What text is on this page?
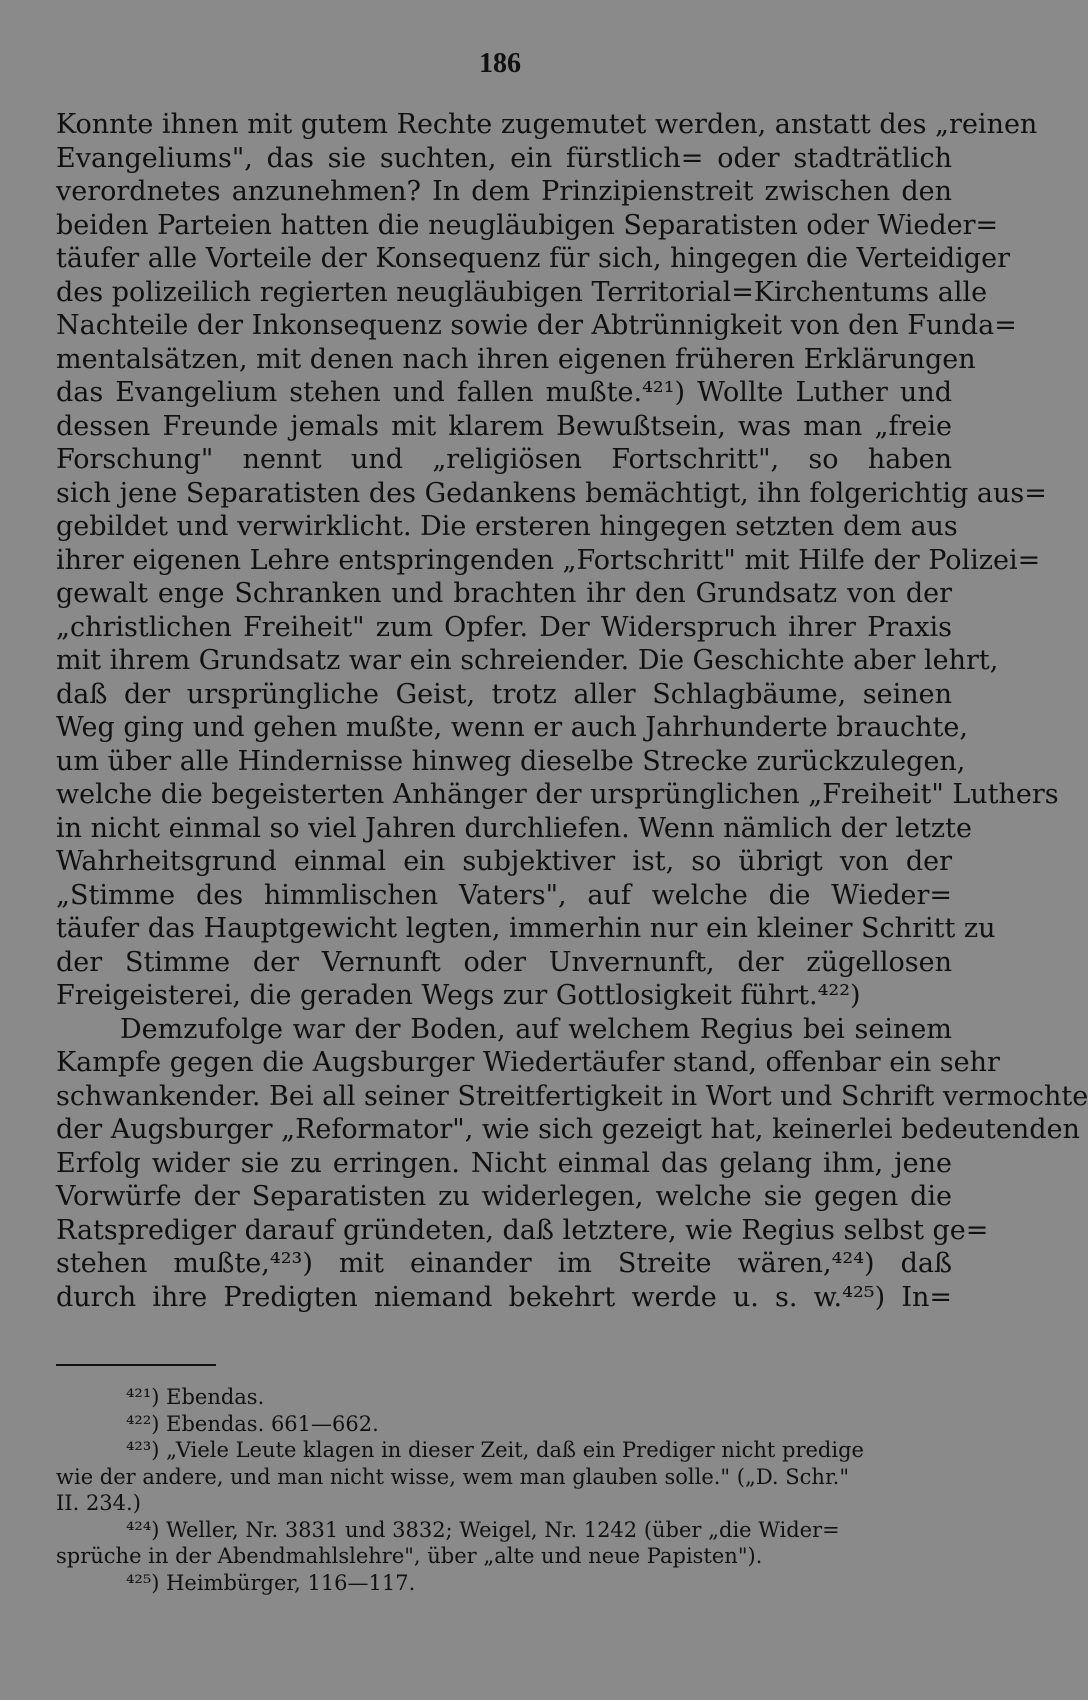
186
Konnte ihnen mit gutem Rechte zugemutet werden, anstatt des „reinen
Evangeliums", das sie suchten, ein fürstlich= oder stadträtlich
verordnetes anzunehmen? In dem Prinzipienstreit zwischen den
beiden Parteien hatten die neugläubigen Separatisten oder Wieder=
täufer alle Vorteile der Konsequenz für sich, hingegen die Verteidiger
des polizeilich regierten neugläubigen Territorial=Kirchentums alle
Nachteile der Inkonsequenz sowie der Abtrünnigkeit von den Funda=
mentalsätzen, mit denen nach ihren eigenen früheren Erklärungen
das Evangelium stehen und fallen mußte.⁴²¹) Wollte Luther und
dessen Freunde jemals mit klarem Bewußtsein, was man „freie
Forschung" nennt und „religiösen Fortschritt", so haben
sich jene Separatisten des Gedankens bemächtigt, ihn folgerichtig aus=
gebildet und verwirklicht. Die ersteren hingegen setzten dem aus
ihrer eigenen Lehre entspringenden „Fortschritt" mit Hilfe der Polizei=
gewalt enge Schranken und brachten ihr den Grundsatz von der
„christlichen Freiheit" zum Opfer. Der Widerspruch ihrer Praxis
mit ihrem Grundsatz war ein schreiender. Die Geschichte aber lehrt,
daß der ursprüngliche Geist, trotz aller Schlagbäume, seinen
Weg ging und gehen mußte, wenn er auch Jahrhunderte brauchte,
um über alle Hindernisse hinweg dieselbe Strecke zurückzulegen,
welche die begeisterten Anhänger der ursprünglichen „Freiheit" Luthers
in nicht einmal so viel Jahren durchliefen. Wenn nämlich der letzte
Wahrheitsgrund einmal ein subjektiver ist, so übrigt von der
„Stimme des himmlischen Vaters", auf welche die Wieder=
täufer das Hauptgewicht legten, immerhin nur ein kleiner Schritt zu
der Stimme der Vernunft oder Unvernunft, der zügellosen
Freigeisterei, die geraden Wegs zur Gottlosigkeit führt.⁴²²)
Demzufolge war der Boden, auf welchem Regius bei seinem
Kampfe gegen die Augsburger Wiedertäufer stand, offenbar ein sehr
schwankender. Bei all seiner Streitfertigkeit in Wort und Schrift vermochte
der Augsburger „Reformator", wie sich gezeigt hat, keinerlei bedeutenden
Erfolg wider sie zu erringen. Nicht einmal das gelang ihm, jene
Vorwürfe der Separatisten zu widerlegen, welche sie gegen die
Ratsprediger darauf gründeten, daß letztere, wie Regius selbst ge=
stehen mußte,⁴²³) mit einander im Streite wären,⁴²⁴) daß
durch ihre Predigten niemand bekehrt werde u. s. w.⁴²⁵) In=
⁴²¹) Ebendas.
⁴²²) Ebendas. 661—662.
⁴²³) „Viele Leute klagen in dieser Zeit, daß ein Prediger nicht predige
wie der andere, und man nicht wisse, wem man glauben solle." („D. Schr."
II. 234.)
⁴²⁴) Weller, Nr. 3831 und 3832; Weigel, Nr. 1242 (über „die Wider=
sprüche in der Abendmahlslehre", über „alte und neue Papisten").
⁴²⁵) Heimbürger, 116—117.
